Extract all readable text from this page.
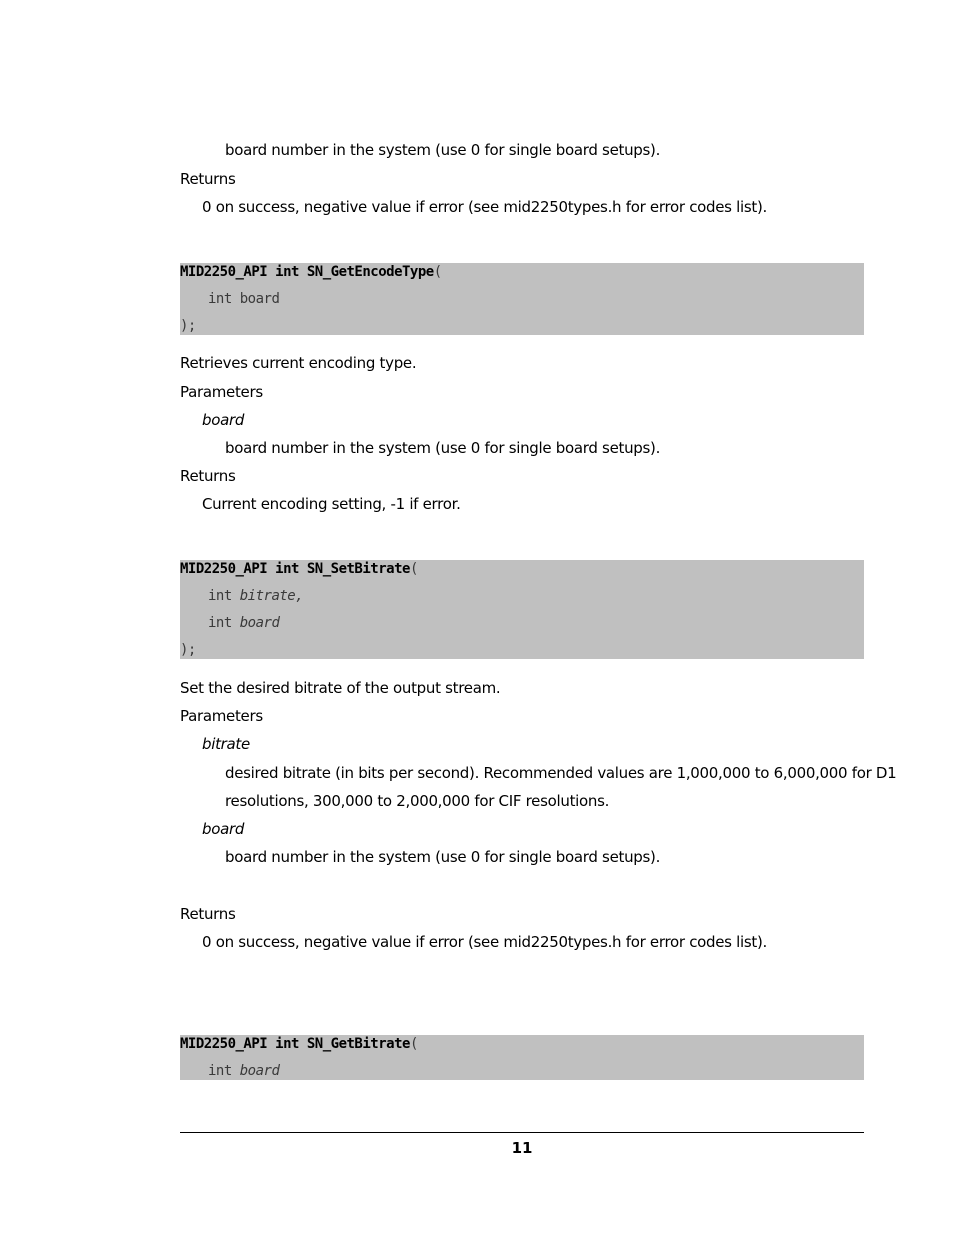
board number in the system (use 0 for single board setups).
Returns
0 on success, negative value if error (see mid2250types.h for error codes list).
MID2250_API int SN_GetEncodeType(
int board
);
Retrieves current encoding type.
Parameters
board
board number in the system (use 0 for single board setups).
Returns
Current encoding setting, -1 if error.
MID2250_API int SN_SetBitrate(
int bitrate,
int board
);
Set the desired bitrate of the output stream.
Parameters
bitrate
desired bitrate (in bits per second). Recommended values are 1,000,000 to 6,000,000 for D1
resolutions, 300,000 to 2,000,000 for CIF resolutions.
board
board number in the system (use 0 for single board setups).
Returns
0 on success, negative value if error (see mid2250types.h for error codes list).
MID2250_API int SN_GetBitrate(
int board
11
